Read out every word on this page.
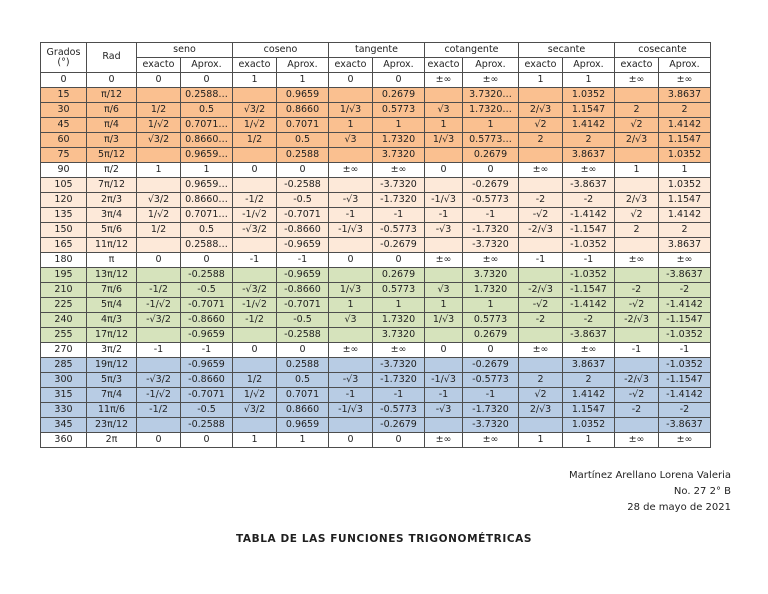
Grados (°)	Rad	seno		coseno		tangente		cotangente		secante		cosecante	
		exacto	Aprox.	exacto	Aprox.	exacto	Aprox.	exacto	Aprox.	exacto	Aprox.	exacto	Aprox.
0	0	0	0	1	1	0	0	±∞	±∞	1	1	±∞	±∞
15	π/12		0.2588…		0.9659		0.2679		3.7320…		1.0352		3.8637
30	π/6	1/2	0.5	√3/2	0.8660	1/√3	0.5773	√3	1.7320…	2/√3	1.1547	2	2
45	π/4	1/√2	0.7071…	1/√2	0.7071	1	1	1	1	√2	1.4142	√2	1.4142
60	π/3	√3/2	0.8660…	1/2	0.5	√3	1.7320	1/√3	0.5773…	2	2	2/√3	1.1547
75	5π/12		0.9659…		0.2588		3.7320		0.2679		3.8637		1.0352
90	π/2	1	1	0	0	±∞	±∞	0	0	±∞	±∞	1	1
105	7π/12		0.9659…		-0.2588		-3.7320		-0.2679		-3.8637		1.0352
120	2π/3	√3/2	0.8660…	-1/2	-0.5	-√3	-1.7320	-1/√3	-0.5773	-2	-2	2/√3	1.1547
135	3π/4	1/√2	0.7071…	-1/√2	-0.7071	-1	-1	-1	-1	-√2	-1.4142	√2	1.4142
150	5π/6	1/2	0.5	-√3/2	-0.8660	-1/√3	-0.5773	-√3	-1.7320	-2/√3	-1.1547	2	2
165	11π/12		0.2588…		-0.9659		-0.2679		-3.7320		-1.0352		3.8637
180	π	0	0	-1	-1	0	0	±∞	±∞	-1	-1	±∞	±∞
195	13π/12		-0.2588		-0.9659		0.2679		3.7320		-1.0352		-3.8637
210	7π/6	-1/2	-0.5	-√3/2	-0.8660	1/√3	0.5773	√3	1.7320	-2/√3	-1.1547	-2	-2
225	5π/4	-1/√2	-0.7071	-1/√2	-0.7071	1	1	1	1	-√2	-1.4142	-√2	-1.4142
240	4π/3	-√3/2	-0.8660	-1/2	-0.5	√3	1.7320	1/√3	0.5773	-2	-2	-2/√3	-1.1547
255	17π/12		-0.9659		-0.2588		3.7320		0.2679		-3.8637		-1.0352
270	3π/2	-1	-1	0	0	±∞	±∞	0	0	±∞	±∞	-1	-1
285	19π/12		-0.9659		0.2588		-3.7320		-0.2679		3.8637		-1.0352
300	5π/3	-√3/2	-0.8660	1/2	0.5	-√3	-1.7320	-1/√3	-0.5773	2	2	-2/√3	-1.1547
315	7π/4	-1/√2	-0.7071	1/√2	0.7071	-1	-1	-1	-1	√2	1.4142	-√2	-1.4142
330	11π/6	-1/2	-0.5	√3/2	0.8660	-1/√3	-0.5773	-√3	-1.7320	2/√3	1.1547	-2	-2
345	23π/12		-0.2588		0.9659		-0.2679		-3.7320		1.0352		-3.8637
360	2π	0	0	1	1	0	0	±∞	±∞	1	1	±∞	±∞
Martínez Arellano Lorena Valeria
No. 27 2° B
28 de mayo de 2021
TABLA DE LAS FUNCIONES TRIGONOMÉTRICAS
